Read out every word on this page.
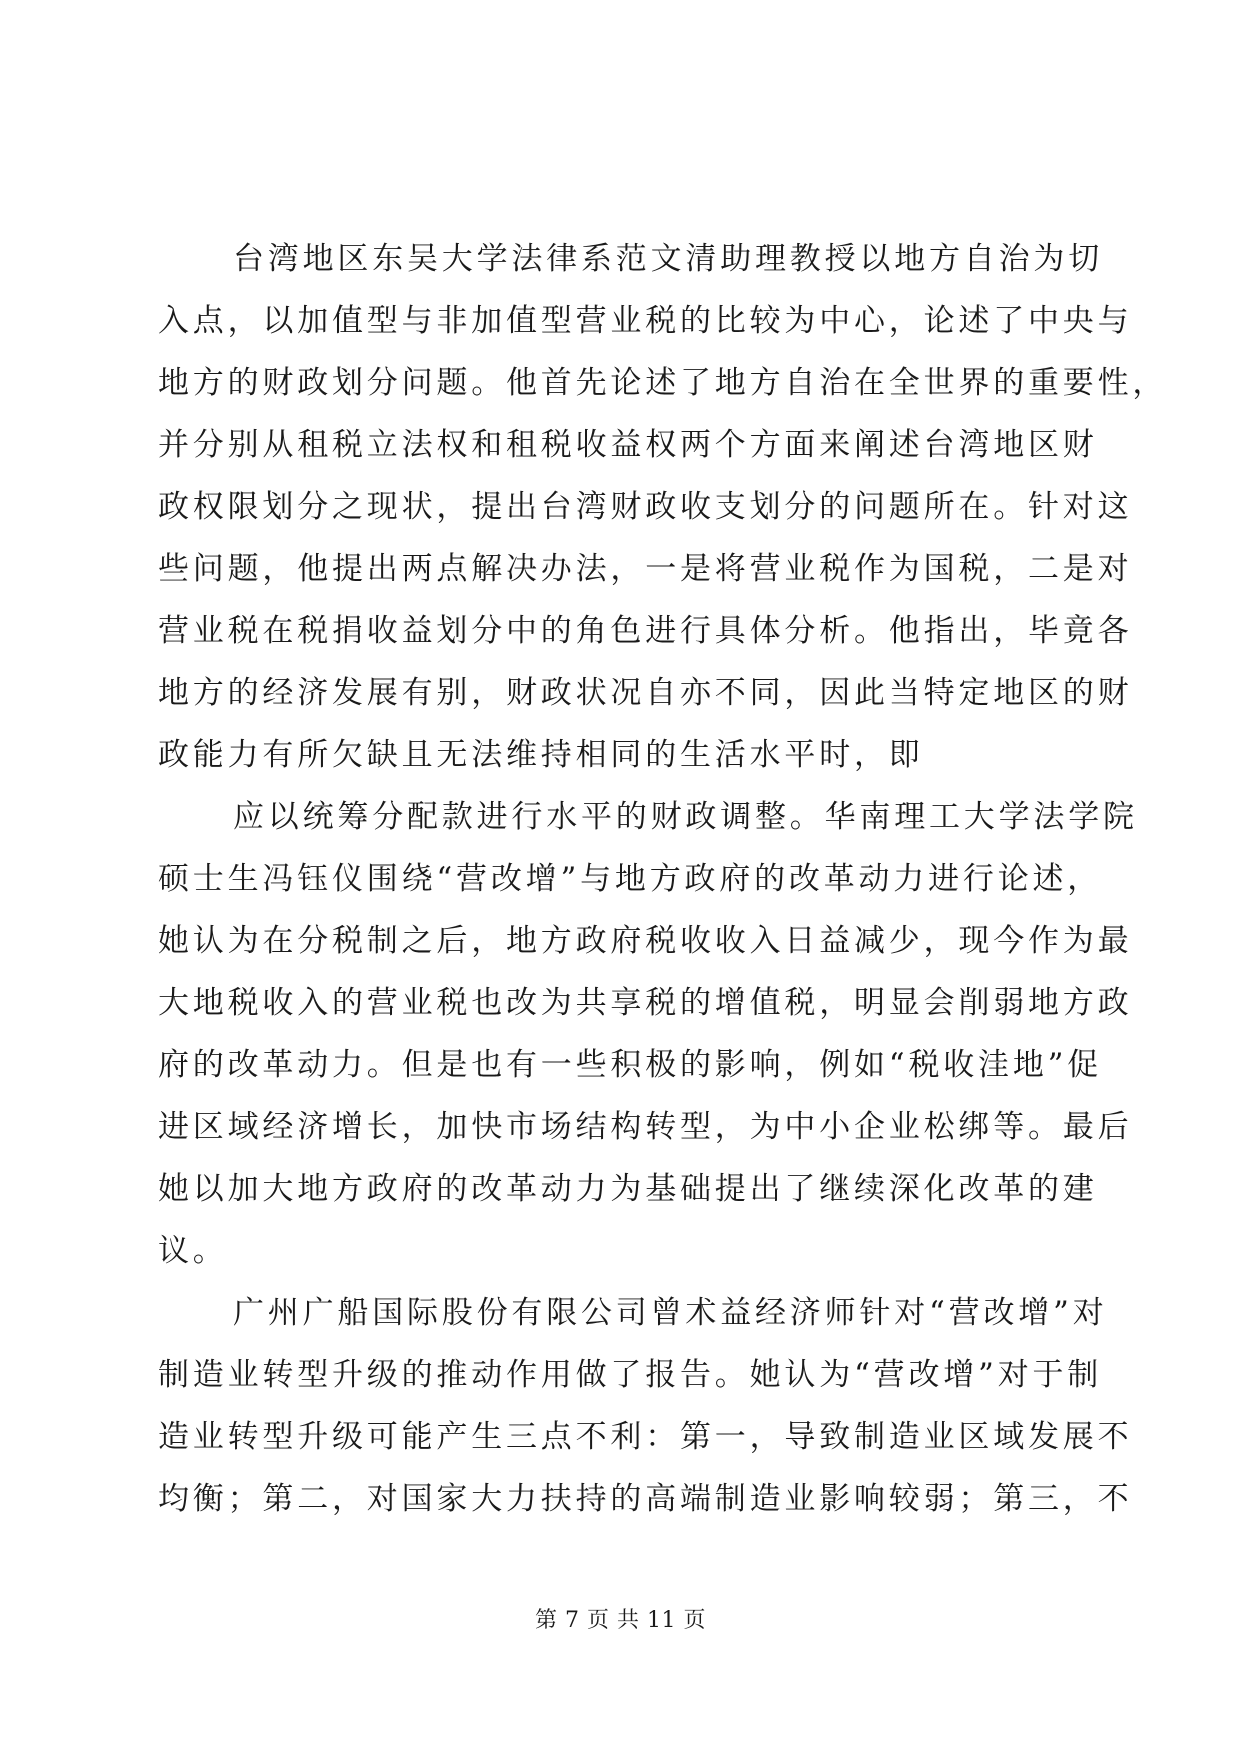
台湾地区东吴大学法律系范文清助理教授以地方自治为切
入点，以加值型与非加值型营业税的比较为中心，论述了中央与
地方的财政划分问题。他首先论述了地方自治在全世界的重要性，
并分别从租税立法权和租税收益权两个方面来阐述台湾地区财
政权限划分之现状，提出台湾财政收支划分的问题所在。针对这
些问题，他提出两点解决办法，一是将营业税作为国税，二是对
营业税在税捐收益划分中的角色进行具体分析。他指出，毕竟各
地方的经济发展有别，财政状况自亦不同，因此当特定地区的财
政能力有所欠缺且无法维持相同的生活水平时，即
应以统筹分配款进行水平的财政调整。华南理工大学法学院
硕士生冯钰仪围绕“营改增”与地方政府的改革动力进行论述，
她认为在分税制之后，地方政府税收收入日益减少，现今作为最
大地税收入的营业税也改为共享税的增值税，明显会削弱地方政
府的改革动力。但是也有一些积极的影响，例如“税收洼地”促
进区域经济增长，加快市场结构转型，为中小企业松绑等。最后
她以加大地方政府的改革动力为基础提出了继续深化改革的建
议。
广州广船国际股份有限公司曾术益经济师针对“营改增”对
制造业转型升级的推动作用做了报告。她认为“营改增”对于制
造业转型升级可能产生三点不利：第一，导致制造业区域发展不
均衡；第二，对国家大力扶持的高端制造业影响较弱；第三，不
第 7 页 共 11 页
